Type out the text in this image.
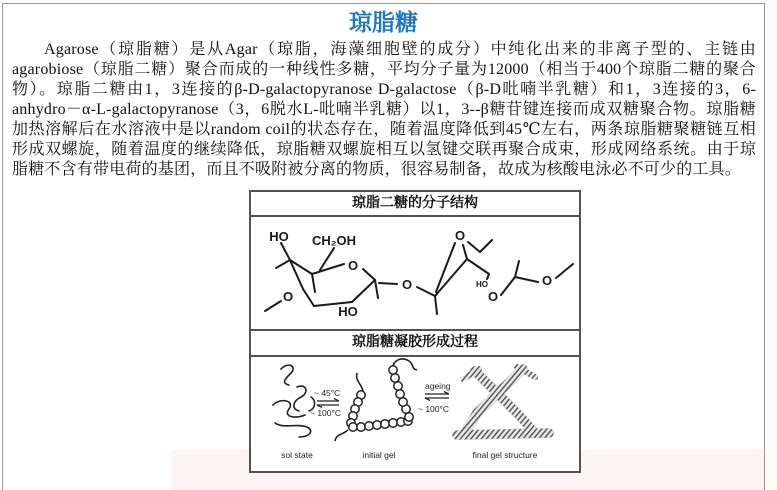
琼脂糖

Agarose（琼脂糖）是从Agar（琼脂，海藻细胞壁的成分）中纯化出来的非离子型的、主链由agarobiose（琼脂二糖）聚合而成的一种线性多糖，平均分子量为12000（相当于400个琼脂二糖的聚合物）。琼脂二糖由1，3连接的β-D-galactopyranose D-galactose（β-D吡喃半乳糖）和1，3连接的3，6-anhydro－α-L-galactopyranose（3，6脱水L-吡喃半乳糖）以1，3--β糖苷键连接而成双糖聚合物。琼脂糖加热溶解后在水溶液中是以random coil的状态存在，随着温度降低到45℃左右，两条琼脂糖聚糖链互相形成双螺旋，随着温度的继续降低，琼脂糖双螺旋相互以氢键交联再聚合成束，形成网络系统。由于琼脂糖不含有带电荷的基团，而且不吸附被分离的物质，很容易制备，故成为核酸电泳必不可少的工具。

琼脂二糖的分子结构
HO CH₂OH
O
O
HO
O
O
HO
O
O
琼脂糖凝胶形成过程
~ 45°C
~ 100°C
ageing
~ 100°C
sol state	initial gel	final gel structure
